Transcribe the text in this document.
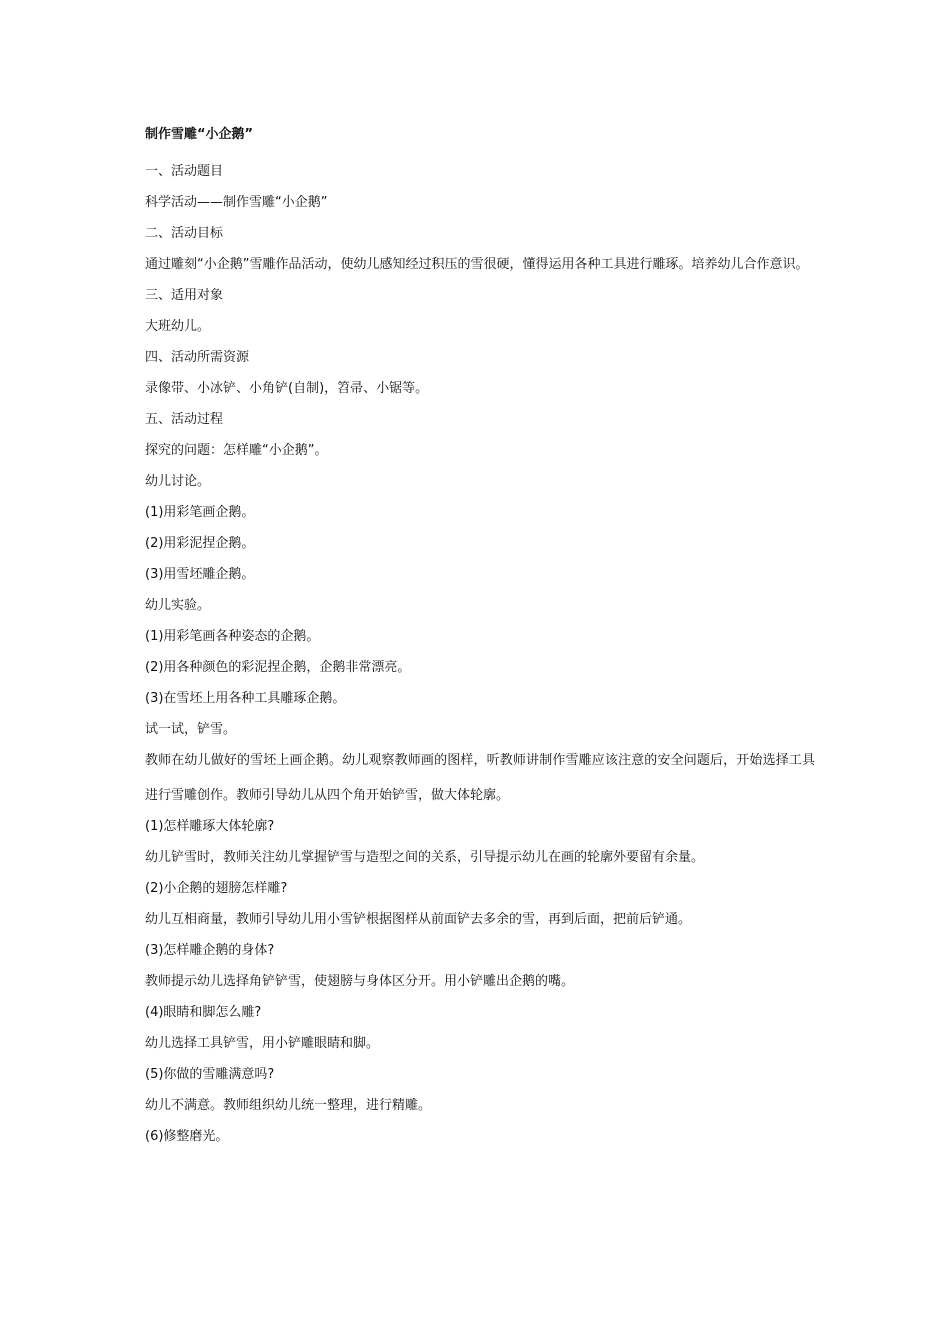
制作雪雕“小企鹅”

一、活动题目

科学活动——制作雪雕“小企鹅”

二、活动目标

通过雕刻“小企鹅”雪雕作品活动，使幼儿感知经过积压的雪很硬，懂得运用各种工具进行雕琢。培养幼儿合作意识。

三、适用对象

大班幼儿。

四、活动所需资源

录像带、小冰铲、小角铲(自制)，笤帚、小锯等。

五、活动过程

探究的问题：怎样雕“小企鹅”。

幼儿讨论。

(1)用彩笔画企鹅。

(2)用彩泥捏企鹅。

(3)用雪坯雕企鹅。

幼儿实验。

(1)用彩笔画各种姿态的企鹅。

(2)用各种颜色的彩泥捏企鹅，企鹅非常漂亮。

(3)在雪坯上用各种工具雕琢企鹅。

试一试，铲雪。

教师在幼儿做好的雪坯上画企鹅。幼儿观察教师画的图样，听教师讲制作雪雕应该注意的安全问题后，开始选择工具进行雪雕创作。教师引导幼儿从四个角开始铲雪，做大体轮廓。

(1)怎样雕琢大体轮廓?

幼儿铲雪时，教师关注幼儿掌握铲雪与造型之间的关系，引导提示幼儿在画的轮廓外要留有余量。

(2)小企鹅的翅膀怎样雕?

幼儿互相商量，教师引导幼儿用小雪铲根据图样从前面铲去多余的雪，再到后面，把前后铲通。

(3)怎样雕企鹅的身体?

教师提示幼儿选择角铲铲雪，使翅膀与身体区分开。用小铲雕出企鹅的嘴。

(4)眼睛和脚怎么雕?

幼儿选择工具铲雪，用小铲雕眼睛和脚。

(5)你做的雪雕满意吗?

幼儿不满意。教师组织幼儿统一整理，进行精雕。

(6)修整磨光。
